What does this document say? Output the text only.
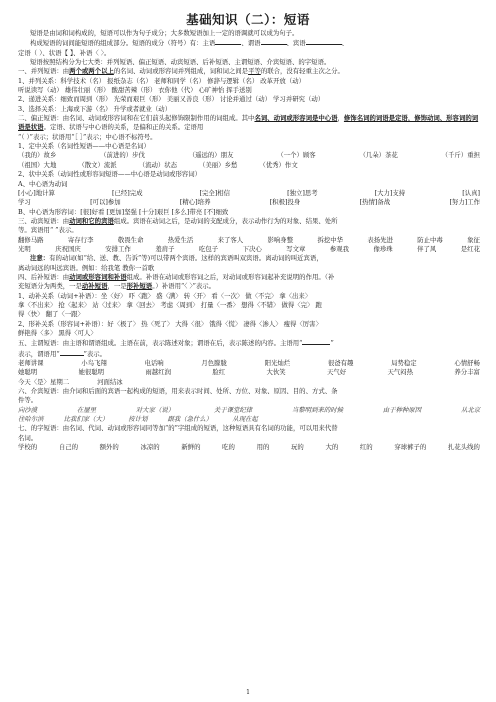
基础知识（二）：短语

短语是由词和词构成的，短语可以作为句子成分；大多数短语加上一定的语调就可以成为句子。

构成短语的词间能短语的组成部分。短语的成分（符号）有：主语	、谓语	、宾语	、

定语（ ）、状语【 】、补语〈 〉。

短语按照结构分为七大类：并列短语、偏正短语、动宾短语、后补短语、主谓短语、介宾短语、的字短语。

一、并列短语：由两个或两个以上的名词、动词或形容词并列组成，词和词之间是平等的联合，没有轻重主次之分。

1、并列关系：科学技术（名） 报纸杂志（名） 老师和同学（名） 修辞与逻辑（名） 改革开放（动）

听说读写（动） 雄伟壮丽（形） 酸甜苦辣（形） 衣你他（代） 心旷神怡 挥手送别

2、递进关系：细致而周到（形） 光荣而艰巨（形） 美丽又善良（形） 讨论并通过（动） 学习并研究（动）

3、选择关系：上海或下游（名） 升学或者就业（动）

二、偏正短语：由名词、动词或形容词和在它们前头起修饰限制作用的词组成。其中名词、动词或形容词是中心语，修饰名词的词语是定语，修饰动词、形容词的词语是状语。定语、状语与中心语的关系，是偏和正的关系。定语用

“（ ）”表示；状语用“［ ］”表示；中心语不标符号。

1、定中关系（名词性短语——中心语是名词）

（我的）故乡	（前进的）步伐	（遥远的）朋友	（一个）顾客	（几朵）茶花	（千斤）重担
（祖国）大地	（散文）流派	（流动）状态	（美丽）乡愁	（优秀）作文

2、状中关系（动词性或形容词短语——中心语是动词或形容词）

A、中心语为动词

[小心]地计算	[已经]完成	[完全]相信	[独立]思考	[大力]支持	[认真]
学习	[可以]参加	[精心]培养	[积极]投身	[热情]备战	[努力]工作

B、中心语为形容词：[很]好看 [更加]坚强 [十分]艰巨 [多么]带亮 [不]细致

三、动宾短语：由动词和它的宾语组成。宾语在动词之后，是动词的支配成分，表示动作行为的对象、结果、处所

等。宾语用“ ”表示。

翻修马路	寄存行李	敬畏生命	热爱生活	来了客人	影响身整	拆挖中华	表扬先进	防止中毒	象征
光明	庆祝国庆	安排工作	羞肩子	吃包子	下决心	写文章	参观我	像珍珠	伴了风	是红花

注意：有的动词(如“给、送、教、告诉”等)可以带两个宾语。这样的宾语叫双宾语。离动词的叫近宾语，

离动词远的叫远宾语。例如：给我笔 教你一首歌

四、后补短语：由动词或形容词和补语组成。补语在动词或形容词之后，对动词或形容词起补充说明的作用。（补

充短语分为两类，一是动补短语，一是形补短语。）补语用“〈 〉”表示。

1、动补关系（动词+补语）：坐〈好〉 吓〈跑〉 盛〈满〉 转〈开〉 看〈一次〉 做〈不完〉 拿〈出来〉

拿〈不出来〉 抢〈起来〉 站〈过来〉 拿〈回去〉 考虑〈周到〉 打量〈一番〉 想得〈不错〉 做得〈完〉 跑

得〈快〉 翻了〈一跟〉

2、形补关系（形容词+补语）：好〈极了〉 热〈死了〉 大得〈很〉 饿得〈慌〉 凄得〈渗人〉 瘦得〈厉害〉

鲜艳得〈多〉 黑得〈可人〉

五、主谓短语：由主语和谓语组成。主语在前，表示陈述对象；谓语在后，表示陈述的内容。主语用“	”

表示，谓语用“	”表示。

老师讲课	小鸟飞翔	电话响	月色朦胧	阳光灿烂	很爸有趣	局势稳定	心情舒畅
她聪明	她很聪明	雨越红润	脸红	大伙笑	天气好	天气闷热	养分丰富
今天〈是〉星期二	河面结冰

六、介宾短语：由介词和后面的宾语一起构成的短语，用来表示时间、处所、方位、对象、原因、目的、方式、条

件等。

向沙漠	在屋里	对大家（说）	关于课堂纪律	当黎明到来的时候	由于种种原因	从北京
往哈尔滨	比我们家（大）	按计划	跟我（急什么）	从现在起

七、的字短语：由名词、代词、动词或形容词同等加“的”字组成的短语，这种短语具有名词的功能，可以用来代替

名词。

学校的	自己的	额外的	冰凉的	新鲜的	吃的	用的	玩的	大的	红的	穿球裤子的	扎花头线的
1
